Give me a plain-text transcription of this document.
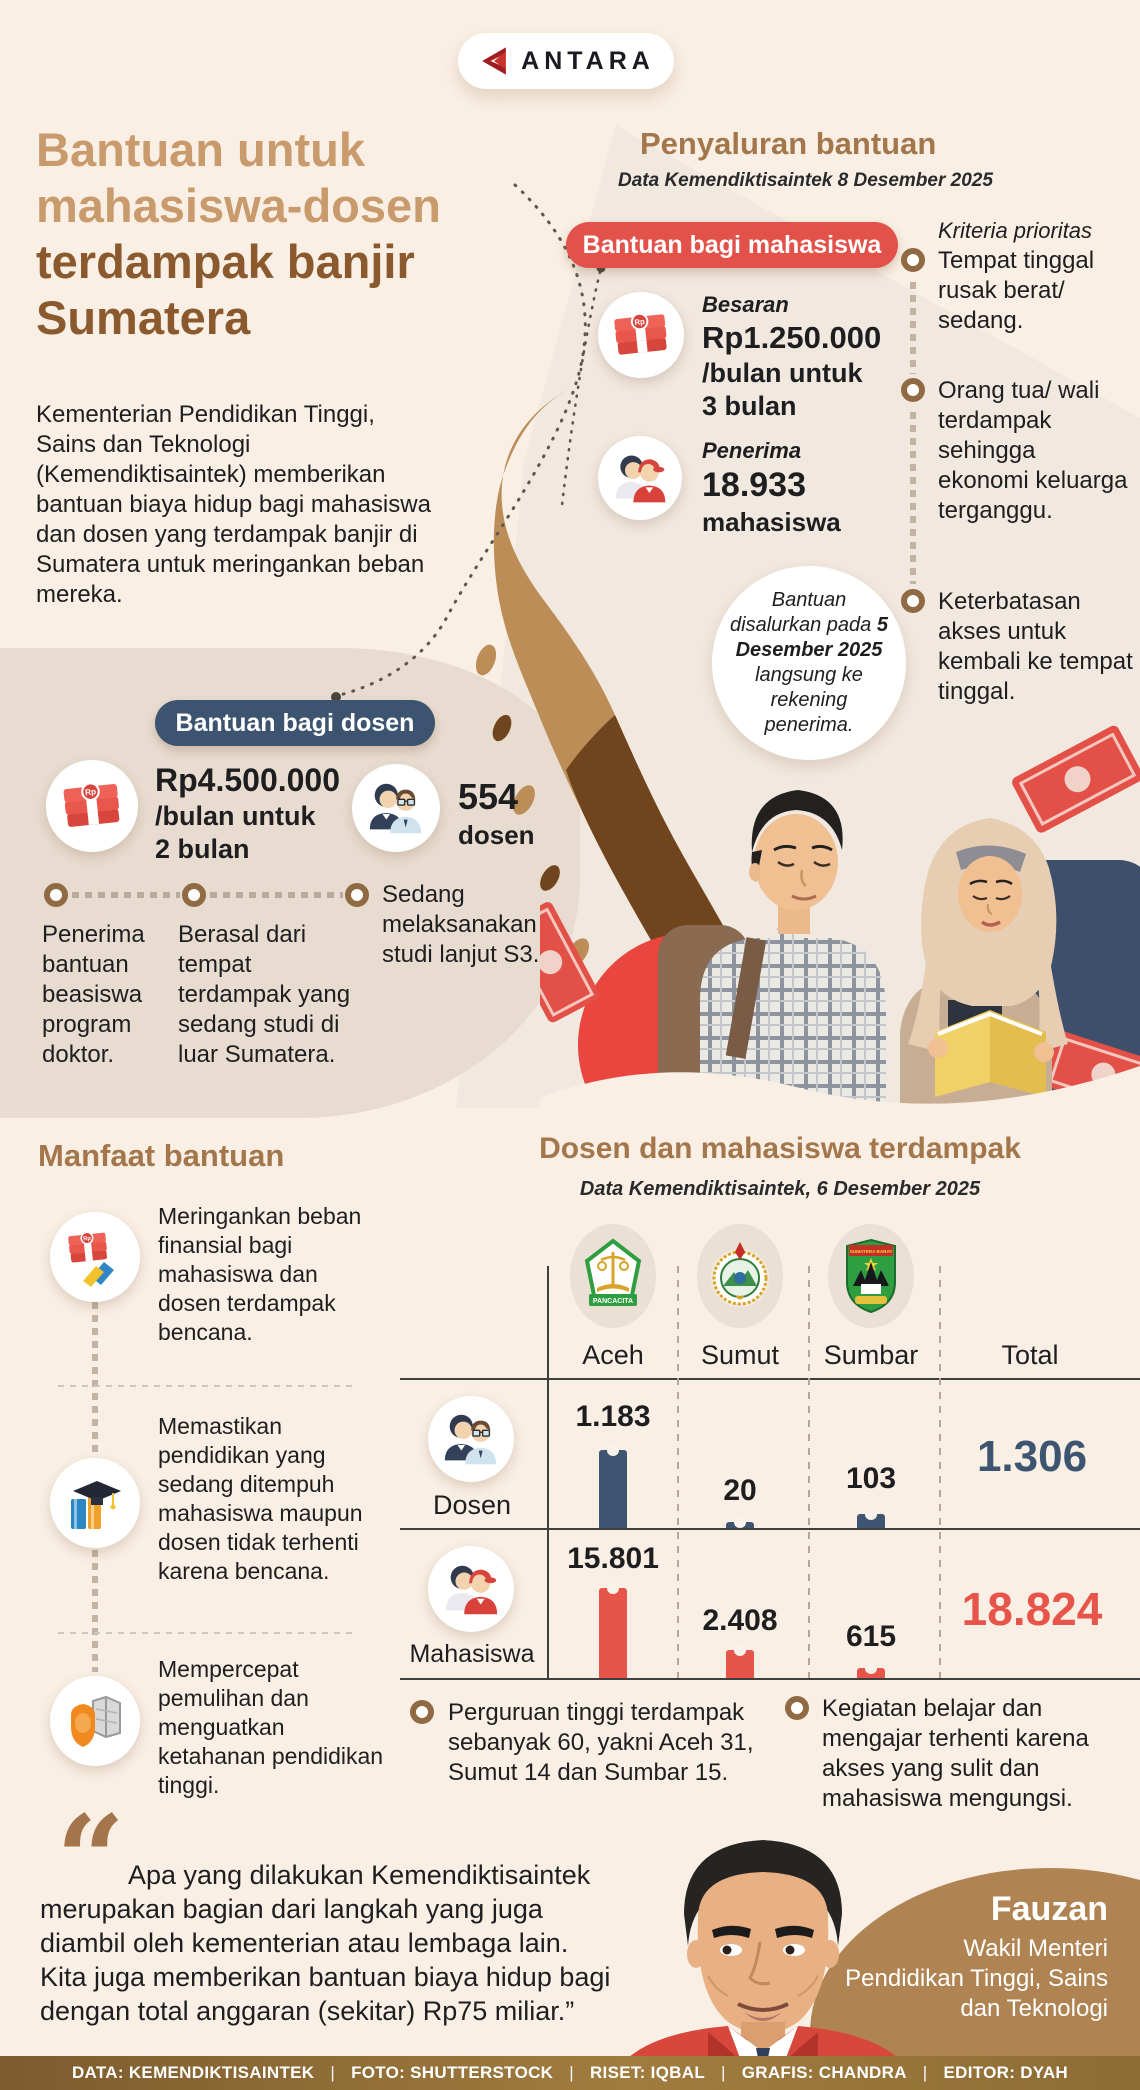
ANTARA
Bantuan untuk mahasiswa-dosen
terdampak banjir Sumatera
Kementerian Pendidikan Tinggi, Sains dan Teknologi (Kemendiktisaintek) memberikan bantuan biaya hidup bagi mahasiswa dan dosen yang terdampak banjir di Sumatera untuk meringankan beban mereka.
Penyaluran bantuan
Data Kemendiktisaintek 8 Desember 2025
Bantuan bagi mahasiswa
Besaran
Rp1.250.000
/bulan untuk
3 bulan
Penerima
18.933
mahasiswa
Kriteria prioritas
Tempat tinggal rusak berat/ sedang.
Orang tua/ wali terdampak sehingga ekonomi keluarga terganggu.
Keterbatasan akses untuk kembali ke tempat tinggal.
Bantuan disalurkan pada 5 Desember 2025 langsung ke rekening penerima.
Bantuan bagi dosen
Rp4.500.000
/bulan untuk
2 bulan
554
dosen
Penerima bantuan beasiswa program doktor.
Berasal dari tempat terdampak yang sedang studi di luar Sumatera.
Sedang melaksanakan studi lanjut S3.
Manfaat bantuan
Meringankan beban finansial bagi mahasiswa dan dosen terdampak bencana.
Memastikan pendidikan yang sedang ditempuh mahasiswa maupun dosen tidak terhenti karena bencana.
Mempercepat pemulihan dan menguatkan ketahanan pendidikan tinggi.
Dosen dan mahasiswa terdampak
Data Kemendiktisaintek, 6 Desember 2025
PANCACITA
SUMATERA BARAT
Aceh Sumut Sumbar	Total
Dosen
1.183
20	103 1.306
Mahasiswa
15.801
2.408 615
18.824
Perguruan tinggi terdampak sebanyak 60, yakni Aceh 31, Sumut 14 dan Sumbar 15.
Kegiatan belajar dan mengajar terhenti karena akses yang sulit dan mahasiswa mengungsi.
“ Apa yang dilakukan Kemendiktisaintek merupakan bagian dari langkah yang juga diambil oleh kementerian atau lembaga lain. Kita juga memberikan bantuan biaya hidup bagi dengan total anggaran (sekitar) Rp75 miliar.”
Fauzan
Wakil Menteri Pendidikan Tinggi, Sains dan Teknologi
DATA: KEMENDIKTISAINTEK | FOTO: SHUTTERSTOCK | RISET: IQBAL | GRAFIS: CHANDRA | EDITOR: DYAH
